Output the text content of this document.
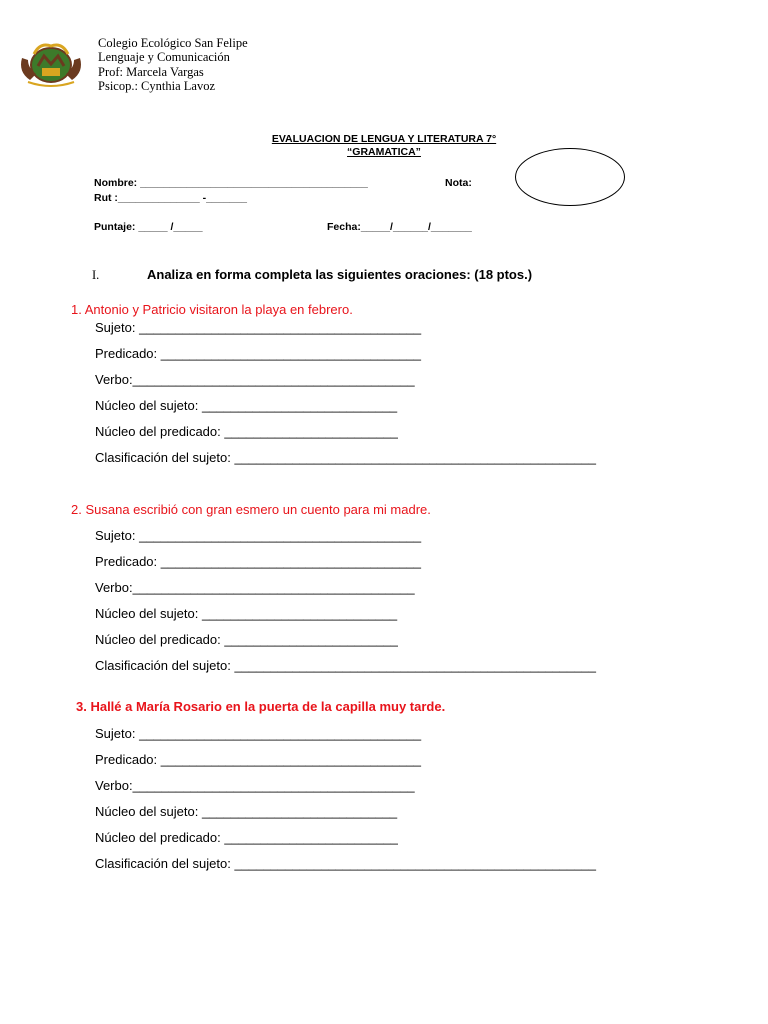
Colegio Ecológico San Felipe
Lenguaje y Comunicación
Prof: Marcela Vargas
Psicop.: Cynthia Lavoz
EVALUACION DE LENGUA Y LITERATURA 7°
“GRAMATICA”
Nombre: _______________________________________	Nota:
Rut :______________ -_______
Puntaje: _____ /_____	Fecha:_____/______/_______
I.	Analiza en forma completa las siguientes oraciones: (18 ptos.)
1. Antonio y Patricio visitaron la playa en febrero.
Sujeto: _______________________________________
Predicado: ____________________________________
Verbo:_______________________________________
Núcleo del sujeto: ___________________________
Núcleo del predicado: ________________________
Clasificación del sujeto: __________________________________________________
2. Susana escribió con gran esmero un cuento para mi madre.
Sujeto: _______________________________________
Predicado: ____________________________________
Verbo:_______________________________________
Núcleo del sujeto: ___________________________
Núcleo del predicado: ________________________
Clasificación del sujeto: __________________________________________________
3. Hallé a María Rosario en la puerta de la capilla muy tarde.
Sujeto: _______________________________________
Predicado: ____________________________________
Verbo:_______________________________________
Núcleo del sujeto: ___________________________
Núcleo del predicado: ________________________
Clasificación del sujeto: __________________________________________________
